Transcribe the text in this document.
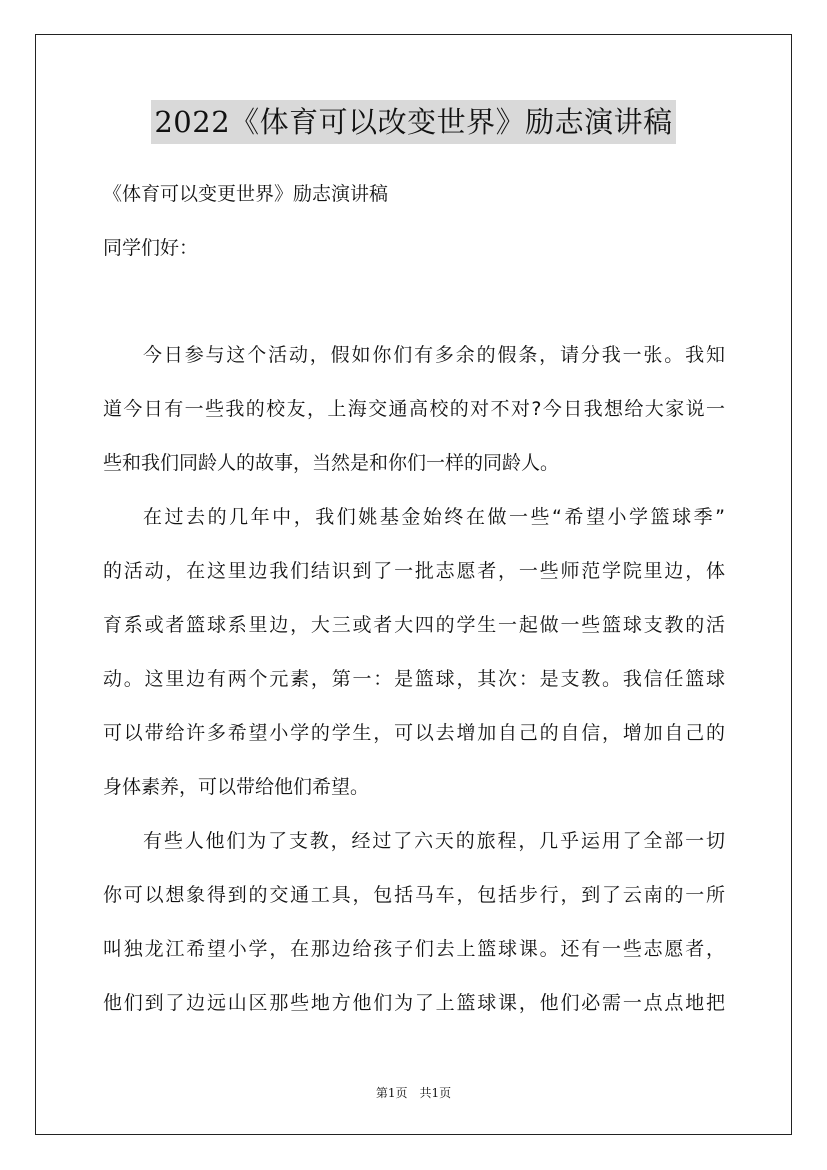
2022《体育可以改变世界》励志演讲稿
《体育可以变更世界》励志演讲稿
同学们好：
今日参与这个活动，假如你们有多余的假条，请分我一张。我知
道今日有一些我的校友，上海交通高校的对不对?今日我想给大家说一
些和我们同龄人的故事，当然是和你们一样的同龄人。
在过去的几年中，我们姚基金始终在做一些“希望小学篮球季”
的活动，在这里边我们结识到了一批志愿者，一些师范学院里边，体
育系或者篮球系里边，大三或者大四的学生一起做一些篮球支教的活
动。这里边有两个元素，第一：是篮球，其次：是支教。我信任篮球
可以带给许多希望小学的学生，可以去增加自己的自信，增加自己的
身体素养，可以带给他们希望。
有些人他们为了支教，经过了六天的旅程，几乎运用了全部一切
你可以想象得到的交通工具，包括马车，包括步行，到了云南的一所
叫独龙江希望小学，在那边给孩子们去上篮球课。还有一些志愿者，
他们到了边远山区那些地方他们为了上篮球课，他们必需一点点地把
第1页　共1页
